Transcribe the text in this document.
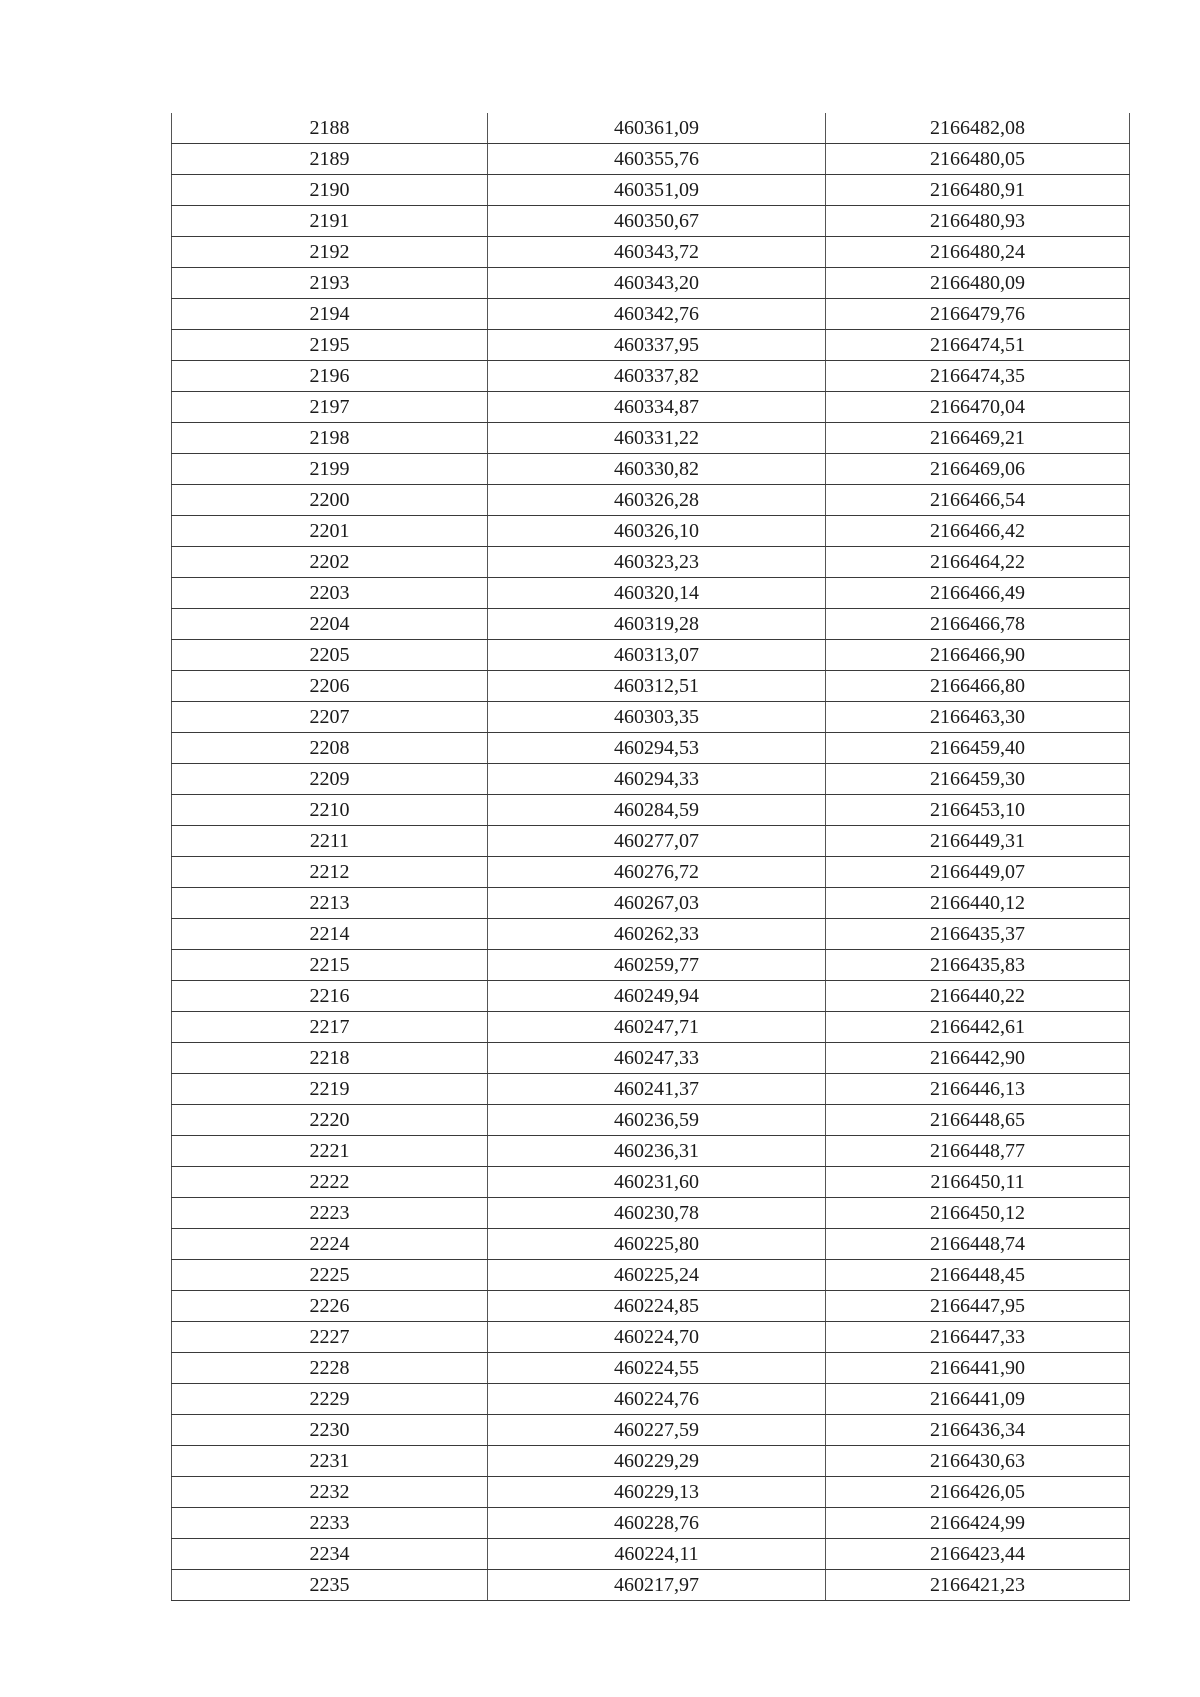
2188	460361,09	2166482,08
2189	460355,76	2166480,05
2190	460351,09	2166480,91
2191	460350,67	2166480,93
2192	460343,72	2166480,24
2193	460343,20	2166480,09
2194	460342,76	2166479,76
2195	460337,95	2166474,51
2196	460337,82	2166474,35
2197	460334,87	2166470,04
2198	460331,22	2166469,21
2199	460330,82	2166469,06
2200	460326,28	2166466,54
2201	460326,10	2166466,42
2202	460323,23	2166464,22
2203	460320,14	2166466,49
2204	460319,28	2166466,78
2205	460313,07	2166466,90
2206	460312,51	2166466,80
2207	460303,35	2166463,30
2208	460294,53	2166459,40
2209	460294,33	2166459,30
2210	460284,59	2166453,10
2211	460277,07	2166449,31
2212	460276,72	2166449,07
2213	460267,03	2166440,12
2214	460262,33	2166435,37
2215	460259,77	2166435,83
2216	460249,94	2166440,22
2217	460247,71	2166442,61
2218	460247,33	2166442,90
2219	460241,37	2166446,13
2220	460236,59	2166448,65
2221	460236,31	2166448,77
2222	460231,60	2166450,11
2223	460230,78	2166450,12
2224	460225,80	2166448,74
2225	460225,24	2166448,45
2226	460224,85	2166447,95
2227	460224,70	2166447,33
2228	460224,55	2166441,90
2229	460224,76	2166441,09
2230	460227,59	2166436,34
2231	460229,29	2166430,63
2232	460229,13	2166426,05
2233	460228,76	2166424,99
2234	460224,11	2166423,44
2235	460217,97	2166421,23
